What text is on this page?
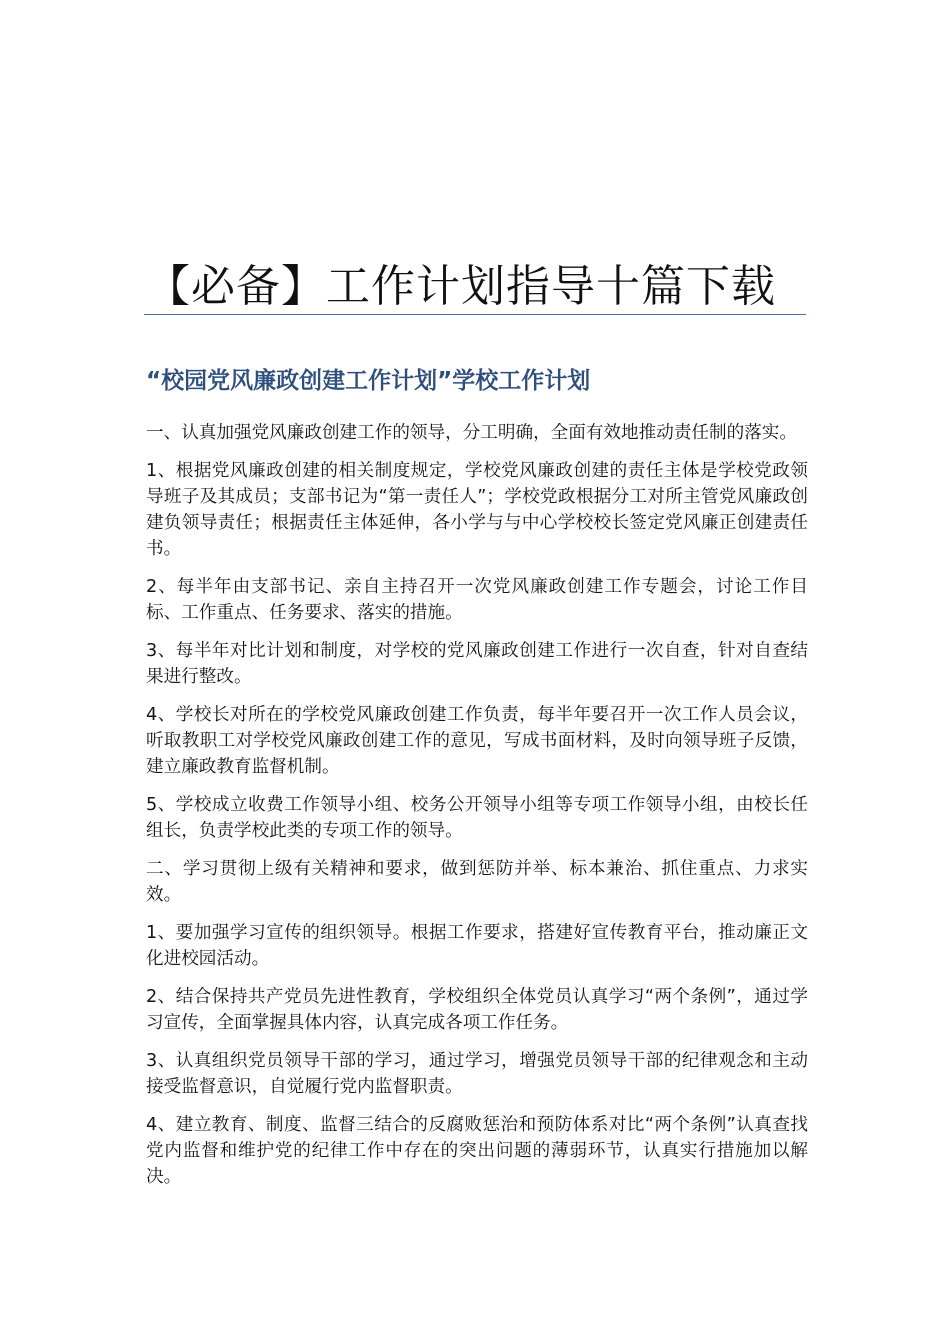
【必备】工作计划指导十篇下载
“校园党风廉政创建工作计划”学校工作计划

一、认真加强党风廉政创建工作的领导，分工明确，全面有效地推动责任制的落实。

1、根据党风廉政创建的相关制度规定，学校党风廉政创建的责任主体是学校党政领导班子及其成员；支部书记为“第一责任人”；学校党政根据分工对所主管党风廉政创建负领导责任；根据责任主体延伸，各小学与与中心学校校长签定党风廉正创建责任书。

2、每半年由支部书记、亲自主持召开一次党风廉政创建工作专题会，讨论工作目标、工作重点、任务要求、落实的措施。

3、每半年对比计划和制度，对学校的党风廉政创建工作进行一次自查，针对自查结果进行整改。

4、学校长对所在的学校党风廉政创建工作负责，每半年要召开一次工作人员会议，听取教职工对学校党风廉政创建工作的意见，写成书面材料，及时向领导班子反馈，建立廉政教育监督机制。

5、学校成立收费工作领导小组、校务公开领导小组等专项工作领导小组，由校长任组长，负责学校此类的专项工作的领导。

二、学习贯彻上级有关精神和要求，做到惩防并举、标本兼治、抓住重点、力求实效。

1、要加强学习宣传的组织领导。根据工作要求，搭建好宣传教育平台，推动廉正文化进校园活动。

2、结合保持共产党员先进性教育，学校组织全体党员认真学习“两个条例”，通过学习宣传，全面掌握具体内容，认真完成各项工作任务。

3、认真组织党员领导干部的学习，通过学习，增强党员领导干部的纪律观念和主动接受监督意识，自觉履行党内监督职责。

4、建立教育、制度、监督三结合的反腐败惩治和预防体系对比“两个条例”认真查找党内监督和维护党的纪律工作中存在的突出问题的薄弱环节，认真实行措施加以解决。
